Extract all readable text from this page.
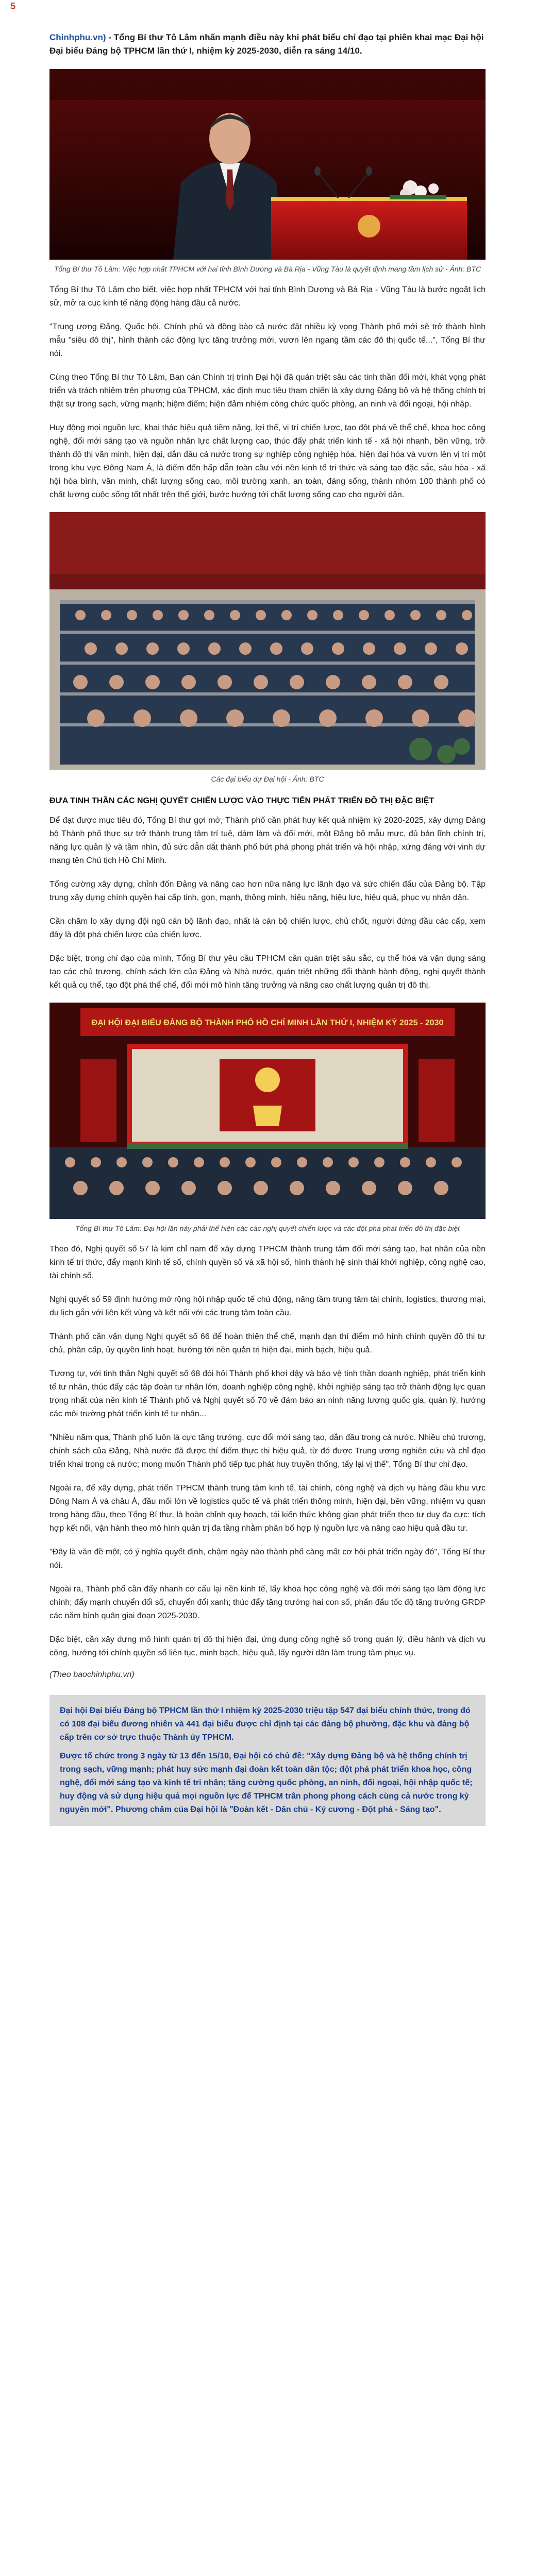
5

Chinhphu.vn) - Tổng Bí thư Tô Lâm nhấn mạnh điều này khi phát biểu chỉ đạo tại phiên khai mạc Đại hội Đại biểu Đảng bộ TPHCM lần thứ I, nhiệm kỳ 2025-2030, diễn ra sáng 14/10.

Tổng Bí thư Tô Lâm: Việc hợp nhất TPHCM với hai tỉnh Bình Dương và Bà Rịa - Vũng Tàu là quyết định mang tầm lịch sử - Ảnh: BTC

Tổng Bí thư Tô Lâm cho biết, việc hợp nhất TPHCM với hai tỉnh Bình Dương và Bà Rịa - Vũng Tàu là bước ngoặt lịch sử, mở ra cục kinh tế năng động hàng đầu cả nước.

"Trung ương Đảng, Quốc hội, Chính phủ và đồng bào cả nước đặt nhiều kỳ vọng Thành phố mới sẽ trở thành hình mẫu "siêu đô thị", hình thành các động lực tăng trưởng mới, vươn lên ngang tầm các đô thị quốc tế...", Tổng Bí thư nói.

Cùng theo Tổng Bí thư Tô Lâm, Ban cán Chính trị trình Đại hội đã quán triệt sâu các tinh thần đối mới, khát vọng phát triển và trách nhiệm trên phương của TPHCM, xác định mục tiêu tham chiến là xây dựng Đảng bộ và hệ thống chính trị thật sự trong sạch, vững mạnh; hiệm điểm; hiện đảm nhiệm công chức quốc phòng, an ninh và đối ngoại, hội nhập.

Huy động mọi nguồn lực, khai thác hiệu quả tiềm năng, lợi thế, vị trí chiến lược, tạo đột phá về thể chế, khoa học công nghệ, đổi mới sáng tạo và nguồn nhân lực chất lượng cao, thúc đẩy phát triển kinh tế - xã hội nhanh, bền vững, trở thành đô thị văn minh, hiện đại, dẫn đầu cả nước trong sự nghiệp công nghiệp hóa, hiện đại hóa và vươn lên vị trí một trong khu vực Đông Nam Á, là điểm đến hấp dẫn toàn cầu với nền kinh tế tri thức và sáng tạo đặc sắc, sâu hòa - xã hội hòa bình, văn minh, chất lượng sống cao, môi trường xanh, an toàn, đáng sống, thành nhóm 100 thành phố có chất lượng cuộc sống tốt nhất trên thế giới, bước hướng tới chất lượng sống cao cho người dân.

Các đại biểu dự Đại hội - Ảnh: BTC
ĐƯA TINH THẦN CÁC NGHỊ QUYẾT CHIẾN LƯỢC VÀO THỰC TIỄN PHÁT TRIỂN ĐÔ THỊ ĐẶC BIỆT

Để đạt được mục tiêu đó, Tổng Bí thư gợi mở, Thành phố cần phát huy kết quả nhiệm kỳ 2020-2025, xây dựng Đảng bộ Thành phố thực sự trở thành trung tâm trí tuệ, dám làm và đối mới, một Đảng bộ mẫu mực, đủ bản lĩnh chính trị, năng lực quản lý và tầm nhìn, đủ sức dẫn dắt thành phố bứt phá phong phát triển và hội nhập, xứng đáng với vinh dự mang tên Chủ tịch Hồ Chí Minh.

Tổng cường xây dựng, chỉnh đốn Đảng và nâng cao hơn nữa năng lực lãnh đạo và sức chiến đấu của Đảng bộ. Tập trung xây dựng chính quyền hai cấp tinh, gọn, mạnh, thông minh, hiệu năng, hiệu lực, hiệu quả, phục vụ nhân dân.

Cần chăm lo xây dựng đội ngũ cán bộ lãnh đạo, nhất là cán bộ chiến lược, chủ chốt, người đứng đầu các cấp, xem đây là đột phá chiến lược của chiến lược.

Đặc biệt, trong chỉ đạo của mình, Tổng Bí thư yêu cầu TPHCM cần quán triệt sâu sắc, cụ thể hóa và vận dụng sáng tạo các chủ trương, chính sách lớn của Đảng và Nhà nước, quán triệt những đổi thành hành động, nghị quyết thành kết quả cụ thể, tạo đột phá thể chế, đổi mới mô hình tăng trưởng và nâng cao chất lượng quản trị đô thị.

ĐẠI HỘI ĐẠI BIỂU ĐẢNG BỘ THÀNH PHỐ HỒ CHÍ MINH LẦN THỨ I, NHIỆM KỲ 2025 - 2030
Tổng Bí thư Tô Lâm: Đại hội lần này phải thể hiện các các nghị quyết chiến lược và các đột phá phát triển đô thị đặc biệt

Theo đó, Nghị quyết số 57 là kim chỉ nam để xây dựng TPHCM thành trung tâm đổi mới sáng tạo, hạt nhân của nền kinh tế tri thức, đẩy mạnh kinh tế số, chính quyền số và xã hội số, hình thành hệ sinh thái khởi nghiệp, công nghệ cao, tài chính số.

Nghị quyết số 59 định hướng mở rộng hội nhập quốc tế chủ động, nâng tầm trung tâm tài chính, logistics, thương mại, du lịch gắn với liên kết vùng và kết nối với các trung tâm toàn cầu.

Thành phố cần vận dụng Nghị quyết số 66 để hoàn thiện thể chế, mạnh dạn thí điểm mô hình chính quyền đô thị tự chủ, phân cấp, ủy quyền linh hoạt, hướng tới nền quản trị hiện đại, minh bạch, hiệu quả.

Tương tự, với tinh thần Nghị quyết số 68 đòi hỏi Thành phố khơi dậy và bảo vệ tinh thần doanh nghiệp, phát triển kinh tế tư nhân, thúc đẩy các tập đoàn tư nhân lớn, doanh nghiệp công nghệ, khởi nghiệp sáng tạo trở thành động lực quan trọng nhất của nền kinh tế Thành phố và Nghị quyết số 70 về đảm bảo an ninh năng lượng quốc gia, quản lý, hướng các môi trường phát triển kinh tế tư nhân...

"Nhiều năm qua, Thành phố luôn là cực tăng trưởng, cực đổi mới sáng tạo, dẫn đầu trong cả nước. Nhiều chủ trương, chính sách của Đảng, Nhà nước đã được thí điểm thực thi hiệu quả, từ đó được Trung ương nghiên cứu và chỉ đạo triển khai trong cả nước; mong muốn Thành phố tiếp tục phát huy truyền thống, tấy lại vị thế", Tổng Bí thư chỉ đạo.

Ngoài ra, để xây dựng, phát triển TPHCM thành trung tâm kinh tế, tài chính, công nghệ và dịch vụ hàng đầu khu vực Đông Nam Á và châu Á, đầu mối lớn về logistics quốc tế và phát triển thông minh, hiện đại, bền vững, nhiệm vụ quan trọng hàng đầu, theo Tổng Bí thư, là hoàn chỉnh quy hoạch, tái kiến thức không gian phát triển theo tư duy đa cực: tích hợp kết nối, vận hành theo mô hình quản trị đa tầng nhằm phân bố hợp lý nguồn lực và nâng cao hiệu quả đầu tư.

"Đây là văn đề một, có ý nghĩa quyết định, chậm ngày nào thành phố càng mất cơ hội phát triển ngày đó", Tổng Bí thư nói.

Ngoài ra, Thành phố cần đẩy nhanh cơ cấu lại nền kinh tế, lấy khoa học công nghệ và đổi mới sáng tạo làm động lực chính; đẩy mạnh chuyển đổi số, chuyển đổi xanh; thúc đẩy tăng trưởng hai con số, phấn đấu tốc độ tăng trưởng GRDP các năm bình quân giai đoạn 2025-2030.

Đặc biệt, cần xây dựng mô hình quản trị đô thị hiện đại, ứng dụng công nghệ số trong quản lý, điều hành và dịch vụ công, hướng tới chính quyền số liên tục, minh bạch, hiệu quả, lấy người dân làm trung tâm phục vụ.

(Theo baochinhphu.vn)

Đại hội Đại biểu Đảng bộ TPHCM lần thứ I nhiệm kỳ 2025-2030 triệu tập 547 đại biểu chính thức, trong đó có 108 đại biểu đương nhiên và 441 đại biểu được chỉ định tại các đảng bộ phường, đặc khu và đảng bộ cấp trên cơ sở trực thuộc Thành ủy TPHCM.
Được tổ chức trong 3 ngày từ 13 đến 15/10, Đại hội có chủ đề: "Xây dựng Đảng bộ và hệ thống chính trị trong sạch, vững mạnh; phát huy sức mạnh đại đoàn kết toàn dân tộc; đột phá phát triển khoa học, công nghệ, đổi mới sáng tạo và kinh tế tri nhân; tăng cường quốc phòng, an ninh, đối ngoại, hội nhập quốc tế; huy động và sử dụng hiệu quả mọi nguồn lực để TPHCM trân phong phong cách cùng cả nước trong kỷ nguyên mới". Phương châm của Đại hội là "Đoàn kết - Dân chủ - Kỷ cương - Đột phá - Sáng tạo".
